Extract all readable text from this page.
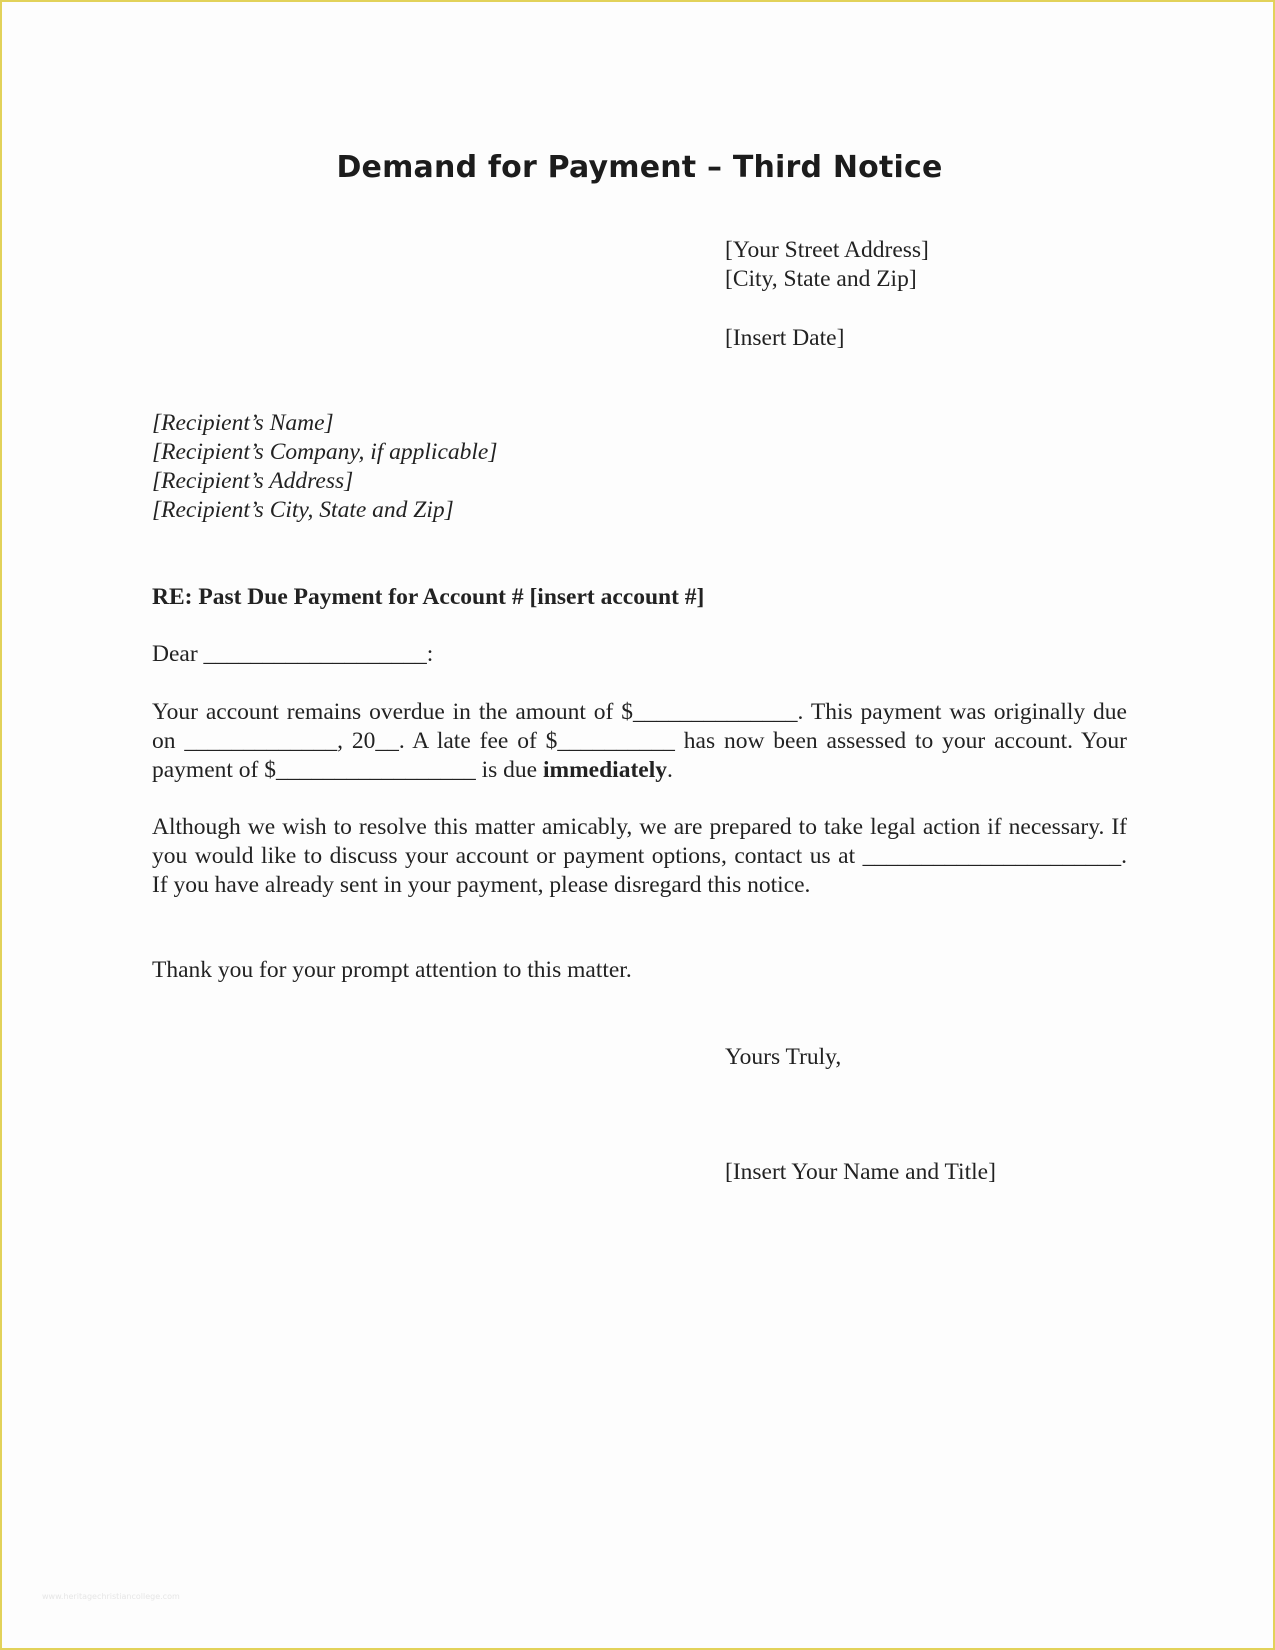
Demand for Payment – Third Notice
[Your Street Address]
[City, State and Zip]
[Insert Date]
[Recipient’s Name]
[Recipient’s Company, if applicable]
[Recipient’s Address]
[Recipient’s City, State and Zip]
RE: Past Due Payment for Account # [insert account #]
Dear ___________________:

Your account remains overdue in the amount of $______________. This payment was originally due on _____________, 20__. A late fee of $__________ has now been assessed to your account. Your payment of $_________________ is due immediately.

Although we wish to resolve this matter amicably, we are prepared to take legal action if necessary. If you would like to discuss your account or payment options, contact us at ______________________. If you have already sent in your payment, please disregard this notice.

Thank you for your prompt attention to this matter.

Yours Truly,
[Insert Your Name and Title]
www.heritagechristiancollege.com
